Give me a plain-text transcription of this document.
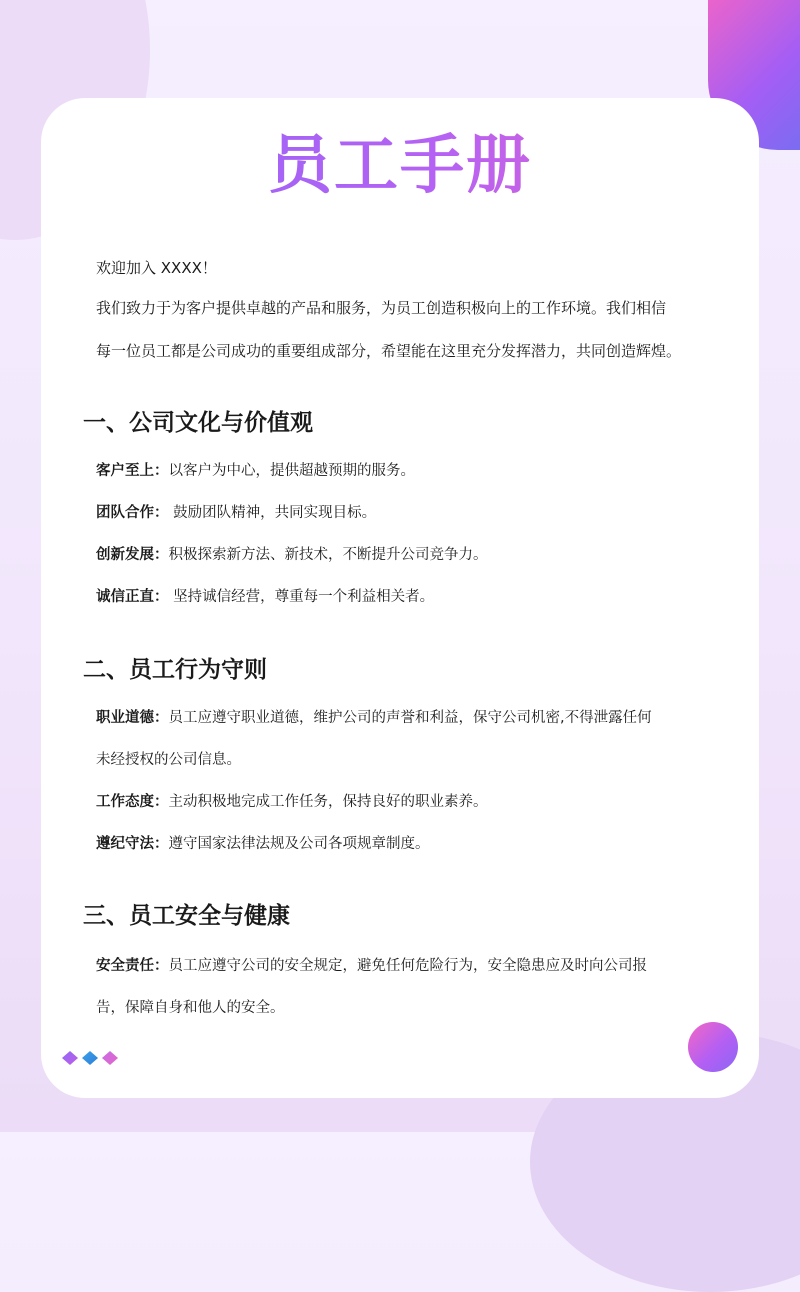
员工手册

欢迎加入 XXXX！

我们致力于为客户提供卓越的产品和服务，为员工创造积极向上的工作环境。我们相信

每一位员工都是公司成功的重要组成部分，希望能在这里充分发挥潜力，共同创造辉煌。

一、公司文化与价值观

客户至上：以客户为中心，提供超越预期的服务。

团队合作： 鼓励团队精神，共同实现目标。

创新发展：积极探索新方法、新技术，不断提升公司竞争力。

诚信正直： 坚持诚信经营，尊重每一个利益相关者。

二、员工行为守则

职业道德：员工应遵守职业道德，维护公司的声誉和利益，保守公司机密,不得泄露任何

未经授权的公司信息。

工作态度：主动积极地完成工作任务，保持良好的职业素养。

遵纪守法：遵守国家法律法规及公司各项规章制度。

三、员工安全与健康

安全责任：员工应遵守公司的安全规定，避免任何危险行为，安全隐患应及时向公司报

告，保障自身和他人的安全。
